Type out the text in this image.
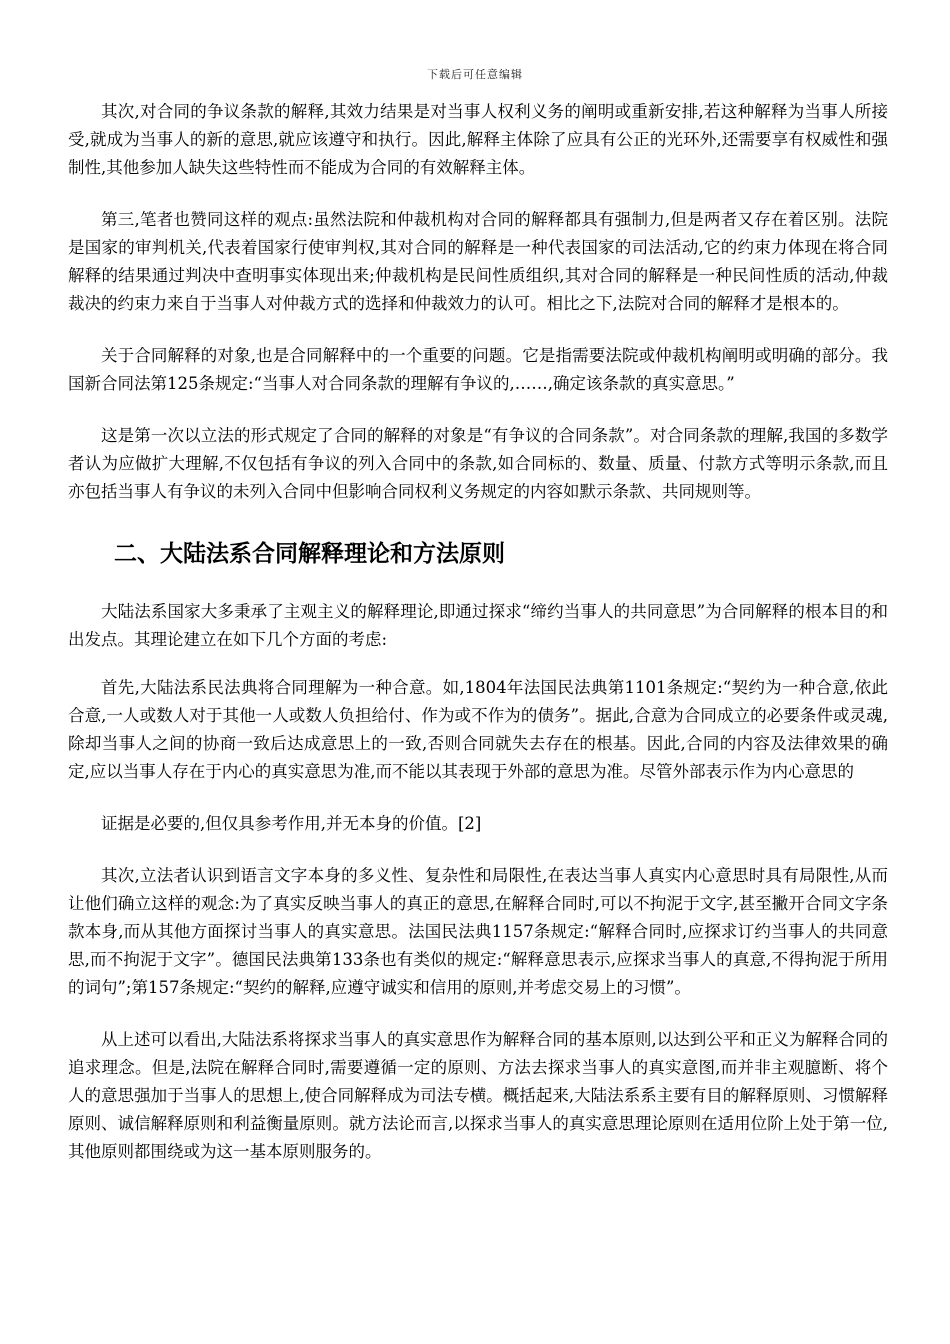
下载后可任意编辑

其次,对合同的争议条款的解释,其效力结果是对当事人权利义务的阐明或重新安排,若这种解释为当事人所接受,就成为当事人的新的意思,就应该遵守和执行。因此,解释主体除了应具有公正的光环外,还需要享有权威性和强制性,其他参加人缺失这些特性而不能成为合同的有效解释主体。

第三,笔者也赞同这样的观点:虽然法院和仲裁机构对合同的解释都具有强制力,但是两者又存在着区别。法院是国家的审判机关,代表着国家行使审判权,其对合同的解释是一种代表国家的司法活动,它的约束力体现在将合同解释的结果通过判决中查明事实体现出来;仲裁机构是民间性质组织,其对合同的解释是一种民间性质的活动,仲裁裁决的约束力来自于当事人对仲裁方式的选择和仲裁效力的认可。相比之下,法院对合同的解释才是根本的。

关于合同解释的对象,也是合同解释中的一个重要的问题。它是指需要法院或仲裁机构阐明或明确的部分。我国新合同法第125条规定:“当事人对合同条款的理解有争议的,……,确定该条款的真实意思。”

这是第一次以立法的形式规定了合同的解释的对象是“有争议的合同条款”。对合同条款的理解,我国的多数学者认为应做扩大理解,不仅包括有争议的列入合同中的条款,如合同标的、数量、质量、付款方式等明示条款,而且亦包括当事人有争议的未列入合同中但影响合同权利义务规定的内容如默示条款、共同规则等。

二、大陆法系合同解释理论和方法原则

大陆法系国家大多秉承了主观主义的解释理论,即通过探求“缔约当事人的共同意思”为合同解释的根本目的和出发点。其理论建立在如下几个方面的考虑:

首先,大陆法系民法典将合同理解为一种合意。如,1804年法国民法典第1101条规定:“契约为一种合意,依此合意,一人或数人对于其他一人或数人负担给付、作为或不作为的债务”。据此,合意为合同成立的必要条件或灵魂,除却当事人之间的协商一致后达成意思上的一致,否则合同就失去存在的根基。因此,合同的内容及法律效果的确定,应以当事人存在于内心的真实意思为准,而不能以其表现于外部的意思为准。尽管外部表示作为内心意思的

证据是必要的,但仅具参考作用,并无本身的价值。[2]

其次,立法者认识到语言文字本身的多义性、复杂性和局限性,在表达当事人真实内心意思时具有局限性,从而让他们确立这样的观念:为了真实反映当事人的真正的意思,在解释合同时,可以不拘泥于文字,甚至撇开合同文字条款本身,而从其他方面探讨当事人的真实意思。法国民法典1157条规定:“解释合同时,应探求订约当事人的共同意思,而不拘泥于文字”。德国民法典第133条也有类似的规定:“解释意思表示,应探求当事人的真意,不得拘泥于所用的词句”;第157条规定:“契约的解释,应遵守诚实和信用的原则,并考虑交易上的习惯”。

从上述可以看出,大陆法系将探求当事人的真实意思作为解释合同的基本原则,以达到公平和正义为解释合同的追求理念。但是,法院在解释合同时,需要遵循一定的原则、方法去探求当事人的真实意图,而并非主观臆断、将个人的意思强加于当事人的思想上,使合同解释成为司法专横。概括起来,大陆法系系主要有目的解释原则、习惯解释原则、诚信解释原则和利益衡量原则。就方法论而言,以探求当事人的真实意思理论原则在适用位阶上处于第一位,其他原则都围绕或为这一基本原则服务的。
